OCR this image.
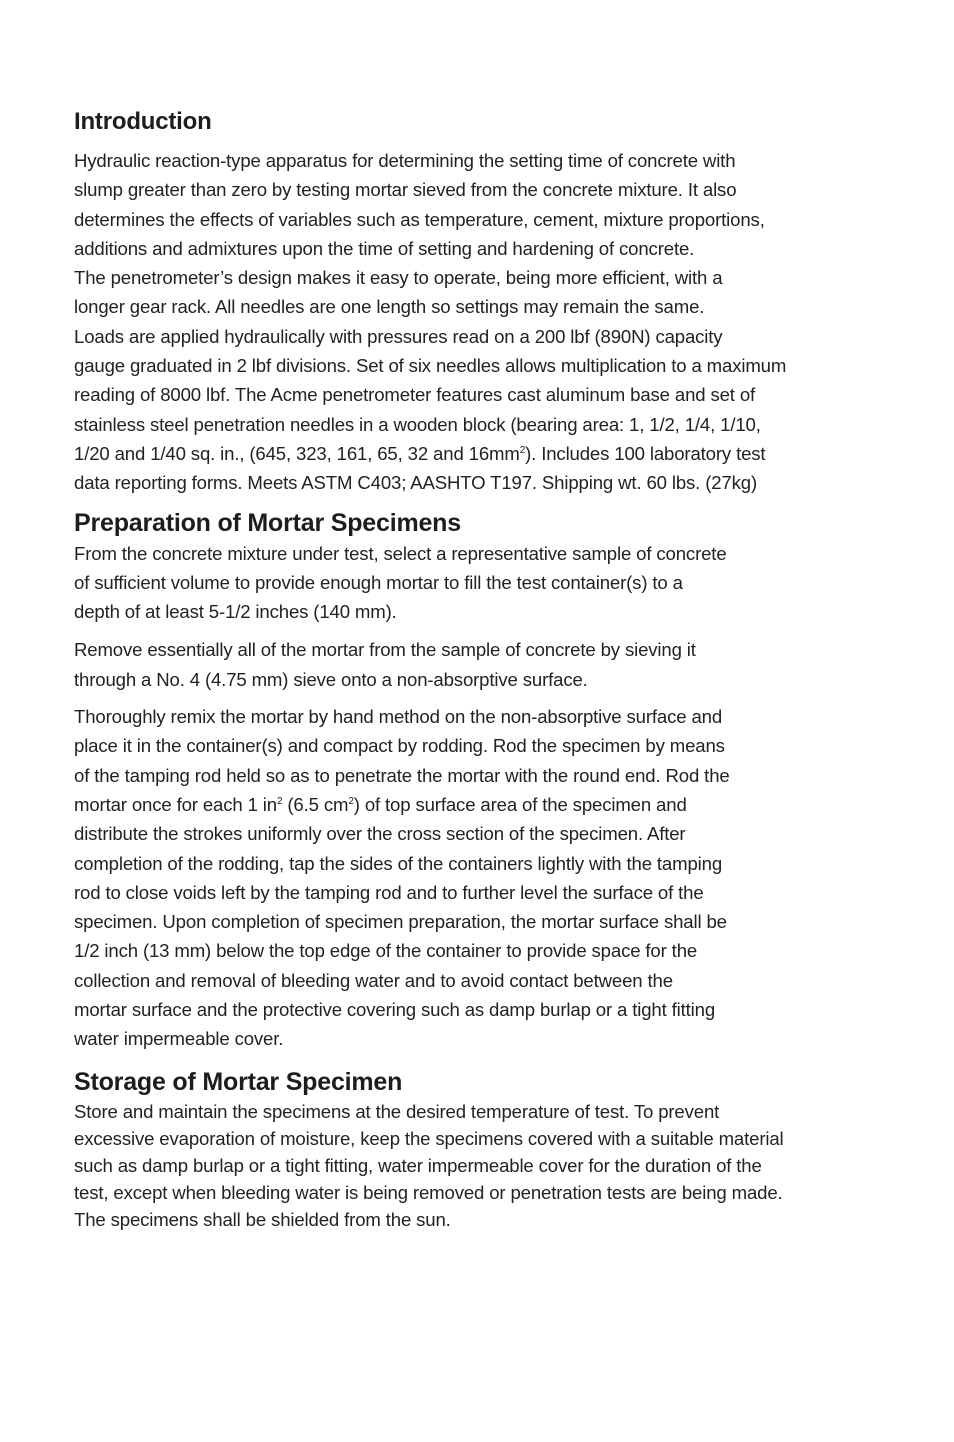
Introduction

Hydraulic reaction-type apparatus for determining the setting time of concrete with
slump greater than zero by testing mortar sieved from the concrete mixture. It also
determines the effects of variables such as temperature, cement, mixture proportions,
additions and admixtures upon the time of setting and hardening of concrete.
The penetrometer’s design makes it easy to operate, being more efficient, with a
longer gear rack. All needles are one length so settings may remain the same.
Loads are applied hydraulically with pressures read on a 200 lbf (890N) capacity
gauge graduated in 2 lbf divisions. Set of six needles allows multiplication to a maximum
reading of 8000 lbf. The Acme penetrometer features cast aluminum base and set of
stainless steel penetration needles in a wooden block (bearing area: 1, 1/2, 1/4, 1/10,
1/20 and 1/40 sq. in., (645, 323, 161, 65, 32 and $16mm^2$). Includes 100 laboratory test
data reporting forms. Meets ASTM C403; AASHTO T197. Shipping wt. 60 lbs. (27kg)

Preparation of Mortar Specimens

From the concrete mixture under test, select a representative sample of concrete
of sufficient volume to provide enough mortar to fill the test container(s) to a
depth of at least 5-1/2 inches (140 mm).

Remove essentially all of the mortar from the sample of concrete by sieving it
through a No. 4 (4.75 mm) sieve onto a non-absorptive surface.

Thoroughly remix the mortar by hand method on the non-absorptive surface and
place it in the container(s) and compact by rodding. Rod the specimen by means
of the tamping rod held so as to penetrate the mortar with the round end. Rod the
mortar once for each 1 $in^2$ (6.5 $cm^2$) of top surface area of the specimen and
distribute the strokes uniformly over the cross section of the specimen. After
completion of the rodding, tap the sides of the containers lightly with the tamping
rod to close voids left by the tamping rod and to further level the surface of the
specimen. Upon completion of specimen preparation, the mortar surface shall be
1/2 inch (13 mm) below the top edge of the container to provide space for the
collection and removal of bleeding water and to avoid contact between the
mortar surface and the protective covering such as damp burlap or a tight fitting
water impermeable cover.

Storage of Mortar Specimen

Store and maintain the specimens at the desired temperature of test. To prevent
excessive evaporation of moisture, keep the specimens covered with a suitable material
such as damp burlap or a tight fitting, water impermeable cover for the duration of the
test, except when bleeding water is being removed or penetration tests are being made.
The specimens shall be shielded from the sun.
